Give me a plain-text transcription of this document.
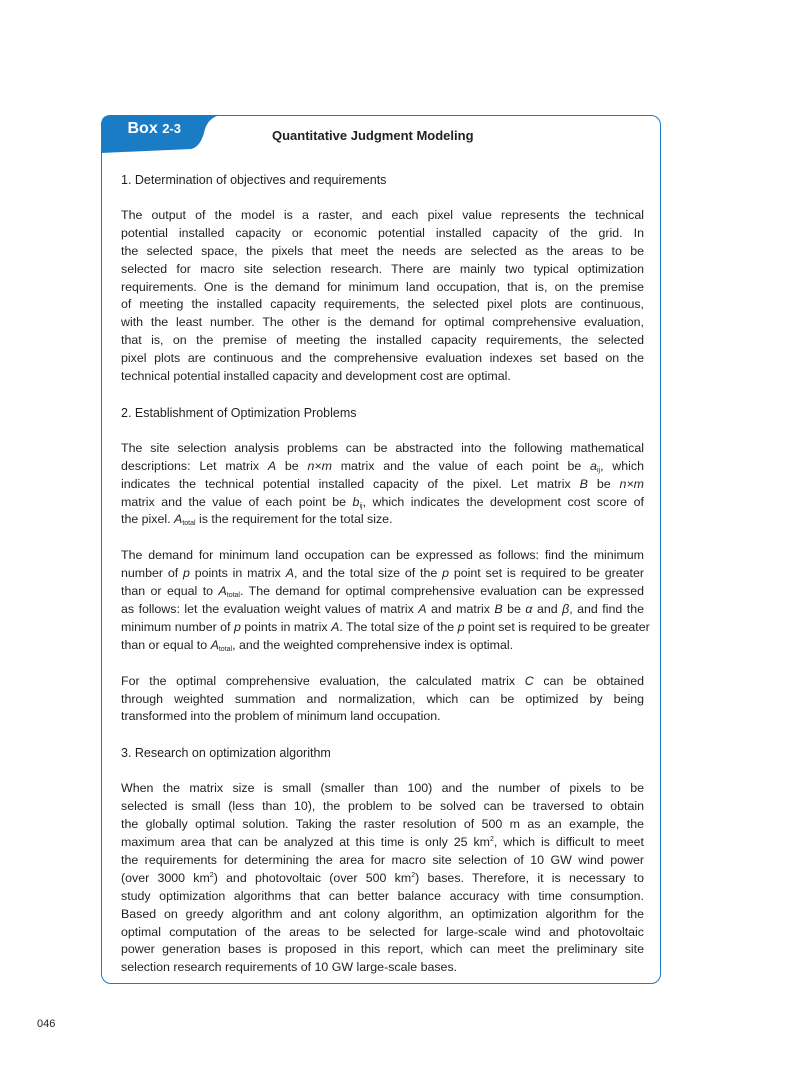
Box 2-3	Quantitative Judgment Modeling
1. Determination of objectives and requirements
The output of the model is a raster, and each pixel value represents the technical
potential installed capacity or economic potential installed capacity of the grid. In
the selected space, the pixels that meet the needs are selected as the areas to be
selected for macro site selection research. There are mainly two typical optimization
requirements. One is the demand for minimum land occupation, that is, on the premise
of meeting the installed capacity requirements, the selected pixel plots are continuous,
with the least number. The other is the demand for optimal comprehensive evaluation,
that is, on the premise of meeting the installed capacity requirements, the selected
pixel plots are continuous and the comprehensive evaluation indexes set based on the
technical potential installed capacity and development cost are optimal.
2. Establishment of Optimization Problems
The site selection analysis problems can be abstracted into the following mathematical
descriptions: Let matrix A be n×m matrix and the value of each point be $a_{ij}$, which
indicates the technical potential installed capacity of the pixel. Let matrix B be n×m
matrix and the value of each point be $b_{ij}$, which indicates the development cost score of
the pixel. $A_{total}$ is the requirement for the total size.
The demand for minimum land occupation can be expressed as follows: find the minimum
number of p points in matrix A, and the total size of the p point set is required to be greater
than or equal to $A_{total}$. The demand for optimal comprehensive evaluation can be expressed
as follows: let the evaluation weight values of matrix A and matrix B be α and β, and find the
minimum number of p points in matrix A. The total size of the p point set is required to be greater
than or equal to $A_{total}$, and the weighted comprehensive index is optimal.
For the optimal comprehensive evaluation, the calculated matrix C can be obtained
through weighted summation and normalization, which can be optimized by being
transformed into the problem of minimum land occupation.
3. Research on optimization algorithm
When the matrix size is small (smaller than 100) and the number of pixels to be
selected is small (less than 10), the problem to be solved can be traversed to obtain
the globally optimal solution. Taking the raster resolution of 500 m as an example, the
maximum area that can be analyzed at this time is only 25 $km^2$, which is difficult to meet
the requirements for determining the area for macro site selection of 10 GW wind power
(over 3000 $km^2$) and photovoltaic (over 500 $km^2$) bases. Therefore, it is necessary to
study optimization algorithms that can better balance accuracy with time consumption.
Based on greedy algorithm and ant colony algorithm, an optimization algorithm for the
optimal computation of the areas to be selected for large-scale wind and photovoltaic
power generation bases is proposed in this report, which can meet the preliminary site
selection research requirements of 10 GW large-scale bases.
046
